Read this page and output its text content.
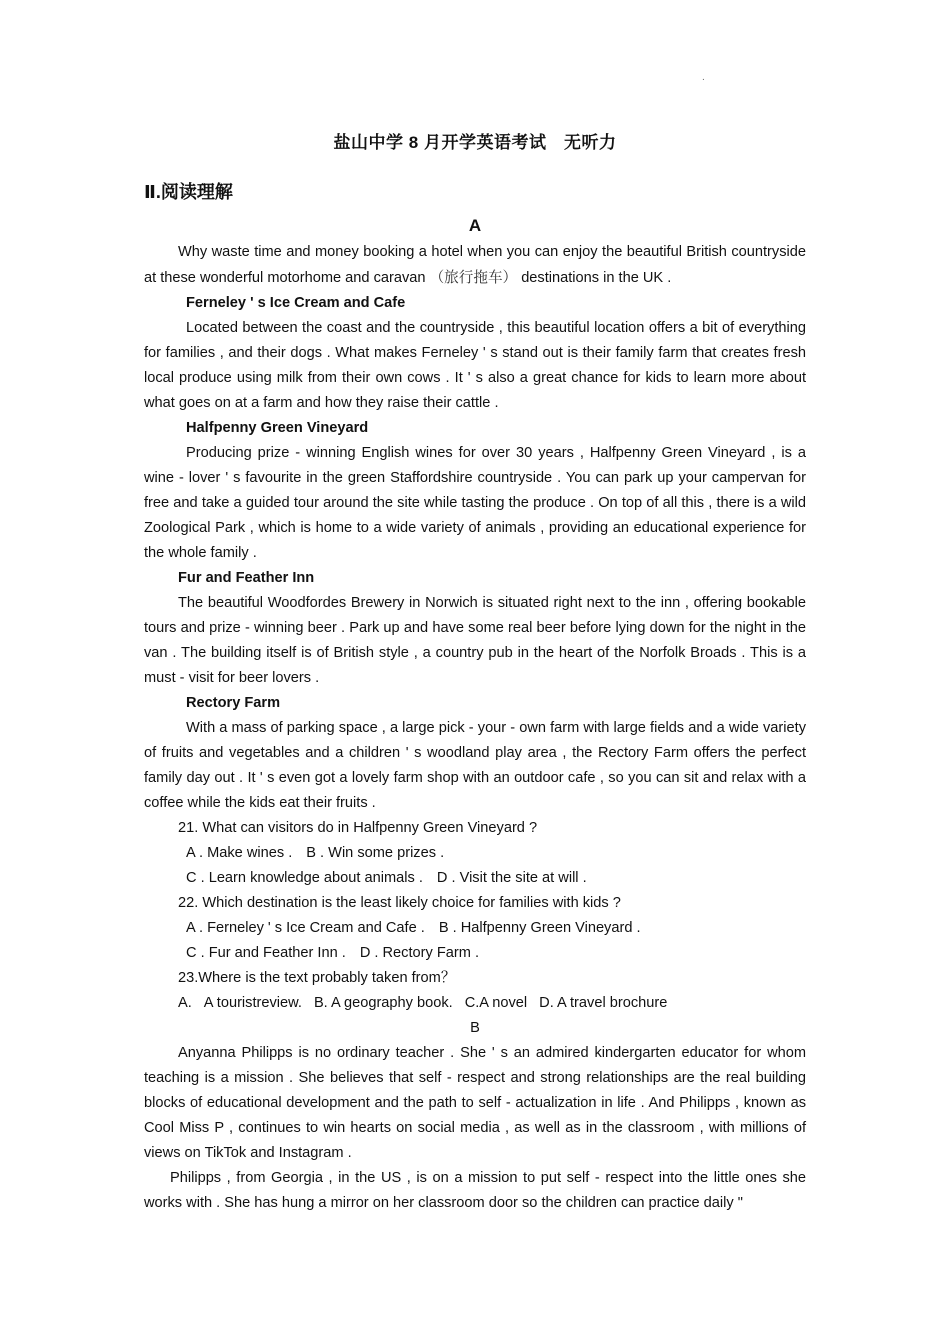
.
盐山中学 8 月开学英语考试　无听力
Ⅱ.阅读理解
A

Why waste time and money booking a hotel when you can enjoy the beautiful British countryside at these wonderful motorhome and caravan （旅行拖车） destinations in the UK .

Ferneley ' s Ice Cream and Cafe

Located between the coast and the countryside , this beautiful location offers a bit of everything for families , and their dogs . What makes Ferneley ' s stand out is their family farm that creates fresh local produce using milk from their own cows . It ' s also a great chance for kids to learn more about what goes on at a farm and how they raise their cattle .

Halfpenny Green Vineyard

Producing prize - winning English wines for over 30 years , Halfpenny Green Vineyard , is a wine - lover ' s favourite in the green Staffordshire countryside . You can park up your campervan for free and take a guided tour around the site while tasting the produce . On top of all this , there is a wild Zoological Park , which is home to a wide variety of animals , providing an educational experience for the whole family .

Fur and Feather Inn

The beautiful Woodfordes Brewery in Norwich is situated right next to the inn , offering bookable tours and prize - winning beer . Park up and have some real beer before lying down for the night in the van . The building itself is of British style , a country pub in the heart of the Norfolk Broads . This is a must - visit for beer lovers .

Rectory Farm

With a mass of parking space , a large pick - your - own farm with large fields and a wide variety of fruits and vegetables and a children ' s woodland play area , the Rectory Farm offers the perfect family day out . It ' s even got a lovely farm shop with an outdoor cafe , so you can sit and relax with a coffee while the kids eat their fruits .

21. What can visitors do in Halfpenny Green Vineyard ?

A . Make wines . B . Win some prizes .

C . Learn knowledge about animals . D . Visit the site at will .

22. Which destination is the least likely choice for families with kids ?

A . Ferneley ' s Ice Cream and Cafe . B . Halfpenny Green Vineyard .

C . Fur and Feather Inn . D . Rectory Farm .

23.Where is the text probably taken from？

A. A touristreview. B. A geography book. C.A novel D. A travel brochure

B

Anyanna Philipps is no ordinary teacher . She ' s an admired kindergarten educator for whom teaching is a mission . She believes that self - respect and strong relationships are the real building blocks of educational development and the path to self - actualization in life . And Philipps , known as Cool Miss P , continues to win hearts on social media , as well as in the classroom , with millions of views on TikTok and Instagram .

Philipps , from Georgia , in the US , is on a mission to put self - respect into the little ones she works with . She has hung a mirror on her classroom door so the children can practice daily "
